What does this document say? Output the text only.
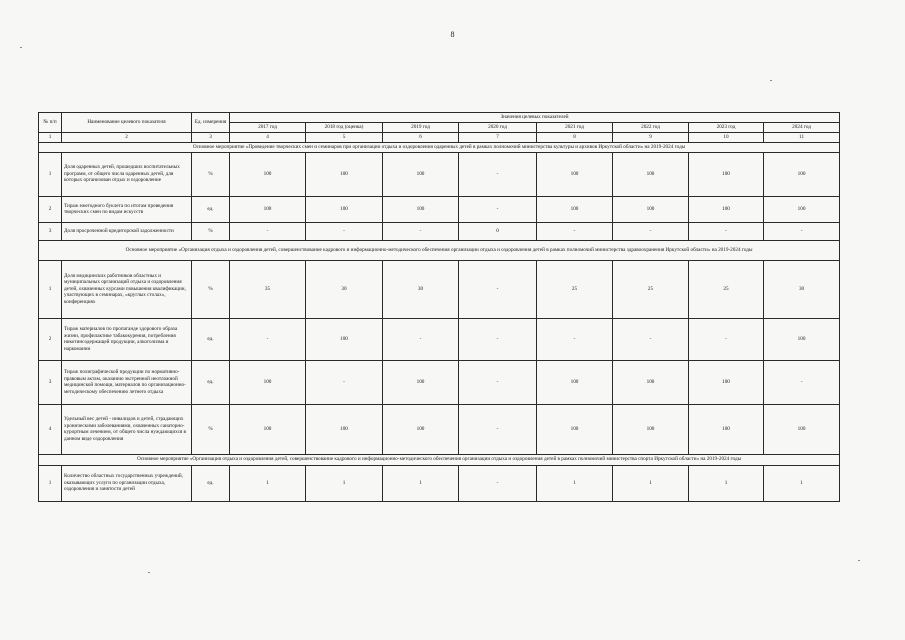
8
№ п/п	Наименование целевого показателя	Ед. измерения	Значения целевых показателей							
			2017 год	2018 год (оценка)	2019 год	2020 год	2021 год	2022 год	2023 год	2024 год
1	2	3	4	5	6	7	8	9	10	11
Основное мероприятие «Проведение творческих смен и семинаров при организации отдыха и оздоровления одаренных детей в рамках полномочий министерства культуры и архивов Иркутской области» на 2019-2024 годы										
1	Доля одаренных детей, прошедших воспитательных программ, от общего числа одаренных детей, для которых организован отдых и оздоровление	%	100	100	100	-	100	100	100	100
2	Тираж ежегодного буклета по итогам проведения творческих смен по видам искусств	ед.	100	100	100	-	100	100	100	100
3	Доля просроченной кредиторской задолженности	%	-	-	-	0	-	-	-	-
Основное мероприятие «Организация отдыха и оздоровления детей, совершенствование кадрового и информационно-методического обеспечения организации отдыха и оздоровления детей в рамках полномочий министерства здравоохранения Иркутской области» на 2019-2024 годы										
1	Доля медицинских работников областных и муниципальных организаций отдыха и оздоровления детей, охваченных курсами повышения квалификации, участвующих в семинарах, «круглых столах», конференциях	%	35	30	30	-	25	25	25	30
2	Тираж материалов по пропаганде здорового образа жизни, профилактике табакокурения, потребления никотинсодержащей продукции, алкоголизма и наркомании	ед.	-	100	-	-	-	-	-	100
3	Тираж полиграфической продукции по нормативно-правовым актам, оказанию экстренной неотложной медицинской помощи, материалов по организационно-методическому обеспечению летнего отдыха	ед.	100	-	100	-	100	100	100	-
4	Удельный вес детей - инвалидов и детей, страдающих хроническими заболеваниями, охваченных санаторно-курортным лечением, от общего числа нуждающихся в данном виде оздоровления	%	100	100	100	-	100	100	100	100
Основное мероприятие «Организация отдыха и оздоровления детей, совершенствование кадрового и информационно-методического обеспечения организации отдыха и оздоровления детей в рамках полномочий министерства спорта Иркутской области» на 2019-2024 годы										
1	Количество областных государственных учреждений, оказывающих услуги по организации отдыха, оздоровления и занятости детей	ед.	1	1	1	-	1	1	1	1
